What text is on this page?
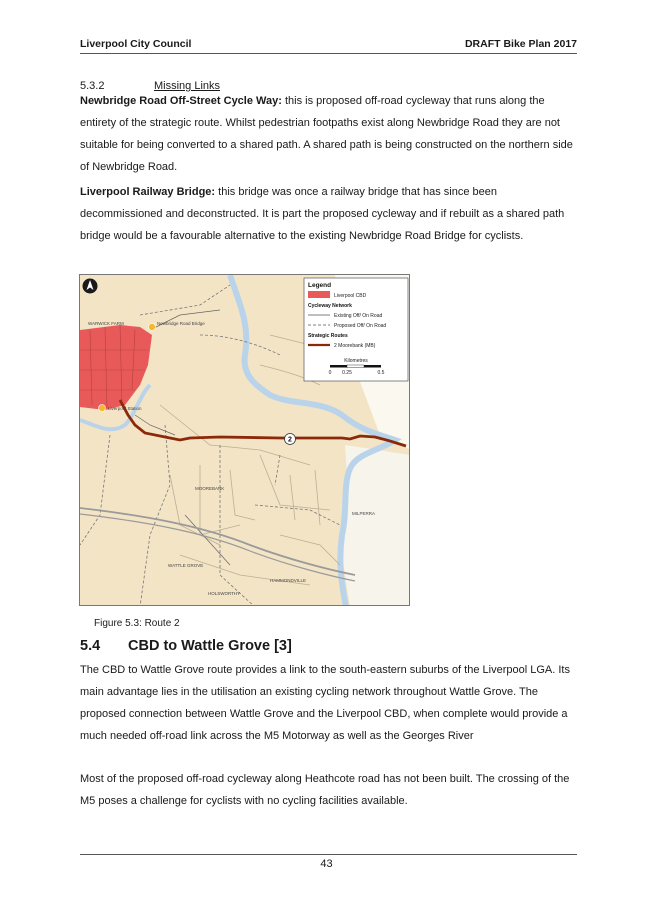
Liverpool City Council	DRAFT Bike Plan 2017
5.3.2	Missing Links

Newbridge Road Off-Street Cycle Way: this is proposed off-road cycleway that runs along the entirety of the strategic route. Whilst pedestrian footpaths exist along Newbridge Road they are not suitable for being converted to a shared path. A shared path is being constructed on the northern side of Newbridge Road.

Liverpool Railway Bridge: this bridge was once a railway bridge that has since been decommissioned and deconstructed. It is part the proposed cycleway and if rebuilt as a shared path bridge would be a favourable alternative to the existing Newbridge Road Bridge for cyclists.

2
Newbridge Road Bridge
Liverpool Station
WARWICK FARM
MOOREBANK
MILPERRA
WATTLE GROVE
HAMMONDVILLE
HOLSWORTHY
Legend
Liverpool CBD
Cycleway Network
Existing Off/ On Road
Proposed Off/ On Road
Strategic Routes
2 Moorebank (MB)
Kilometres
0 0.25	0.5
Figure 5.3: Route 2
5.4 CBD to Wattle Grove [3]

The CBD to Wattle Grove route provides a link to the south-eastern suburbs of the Liverpool LGA. Its main advantage lies in the utilisation an existing cycling network throughout Wattle Grove. The proposed connection between Wattle Grove and the Liverpool CBD, when complete would provide a much needed off-road link across the M5 Motorway as well as the Georges River

Most of the proposed off-road cycleway along Heathcote road has not been built. The crossing of the M5 poses a challenge for cyclists with no cycling facilities available.

43
